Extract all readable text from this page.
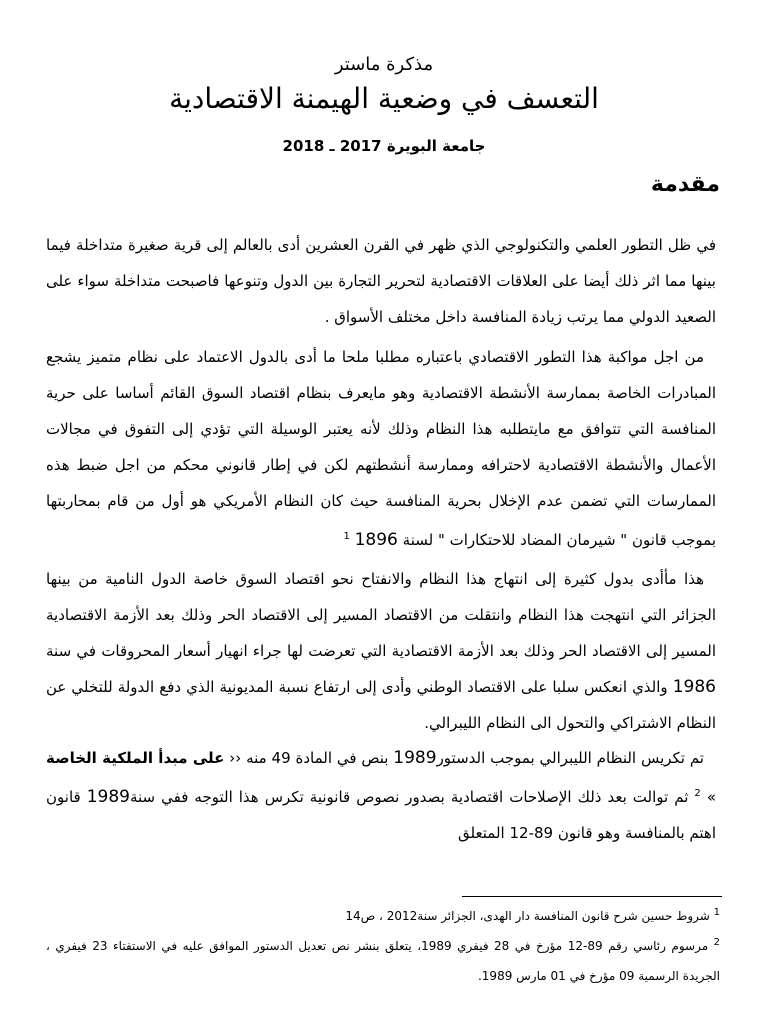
مذكرة ماستر
التعسف في وضعية الهيمنة الاقتصادية
جامعة البويرة 2017 ـ 2018
مقدمة
في ظل التطور العلمي والتكنولوجي الذي ظهر في القرن العشرين أدى بالعالم إلى قرية صغيرة متداخلة فيما بينها مما اثر ذلك أيضا على العلاقات الاقتصادية لتحرير التجارة بين الدول وتنوعها فاصبحت متداخلة سواء على الصعيد الدولي مما يرتب زيادة المنافسة داخل مختلف الأسواق .
من اجل مواكبة هذا التطور الاقتصادي باعتباره مطلبا ملحا ما أدى بالدول الاعتماد على نظام متميز يشجع المبادرات الخاصة بممارسة الأنشطة الاقتصادية وهو مايعرف بنظام اقتصاد السوق القائم أساسا على حرية المنافسة التي تتوافق مع مايتطلبه هذا النظام وذلك لأنه يعتبر الوسيلة التي تؤدي إلى التفوق في مجالات الأعمال والأنشطة الاقتصادية لاحترافه وممارسة أنشطتهم لكن في إطار قانوني محكم من اجل ضبط هذه الممارسات التي تضمن عدم الإخلال بحرية المنافسة حيث كان النظام الأمريكي هو أول من قام بمحاربتها بموجب قانون " شيرمان المضاد للاحتكارات " لسنة 1896 $^1$
هذا مأأدى بدول كثيرة إلى انتهاج هذا النظام والانفتاح نحو اقتصاد السوق خاصة الدول النامية من بينها الجزائر التي انتهجت هذا النظام وانتقلت من الاقتصاد المسير إلى الاقتصاد الحر وذلك بعد الأزمة الاقتصادية المسير إلى الاقتصاد الحر وذلك بعد الأزمة الاقتصادية التي تعرضت لها جراء انهيار أسعار المحروقات في سنة 1986 والذي انعكس سلبا على الاقتصاد الوطني وأدى إلى ارتفاع نسبة المديونية الذي دفع الدولة للتخلي عن النظام الاشتراكي والتحول الى النظام الليبرالي.
تم تكريس النظام الليبرالي بموجب الدستور1989 بنص في المادة 49 منه ‹‹ على مبدأ الملكية الخاصة » $^2$ ثم توالت بعد ذلك الإصلاحات اقتصادية بصدور نصوص قانونية تكرس هذا التوجه ففي سنة1989 قانون اهتم بالمنافسة وهو قانون 89-12 المتعلق
$^1$ شروط حسين شرح قانون المنافسة دار الهدى، الجزائر سنة2012 ، ص14
$^2$ مرسوم رئاسي رقم 89-12 مؤرخ في 28 فيفري 1989، يتعلق بنشر نص تعديل الدستور الموافق عليه في الاستفتاء 23 فيفري ، الجريدة الرسمية 09 مؤرخ في 01 مارس 1989.
